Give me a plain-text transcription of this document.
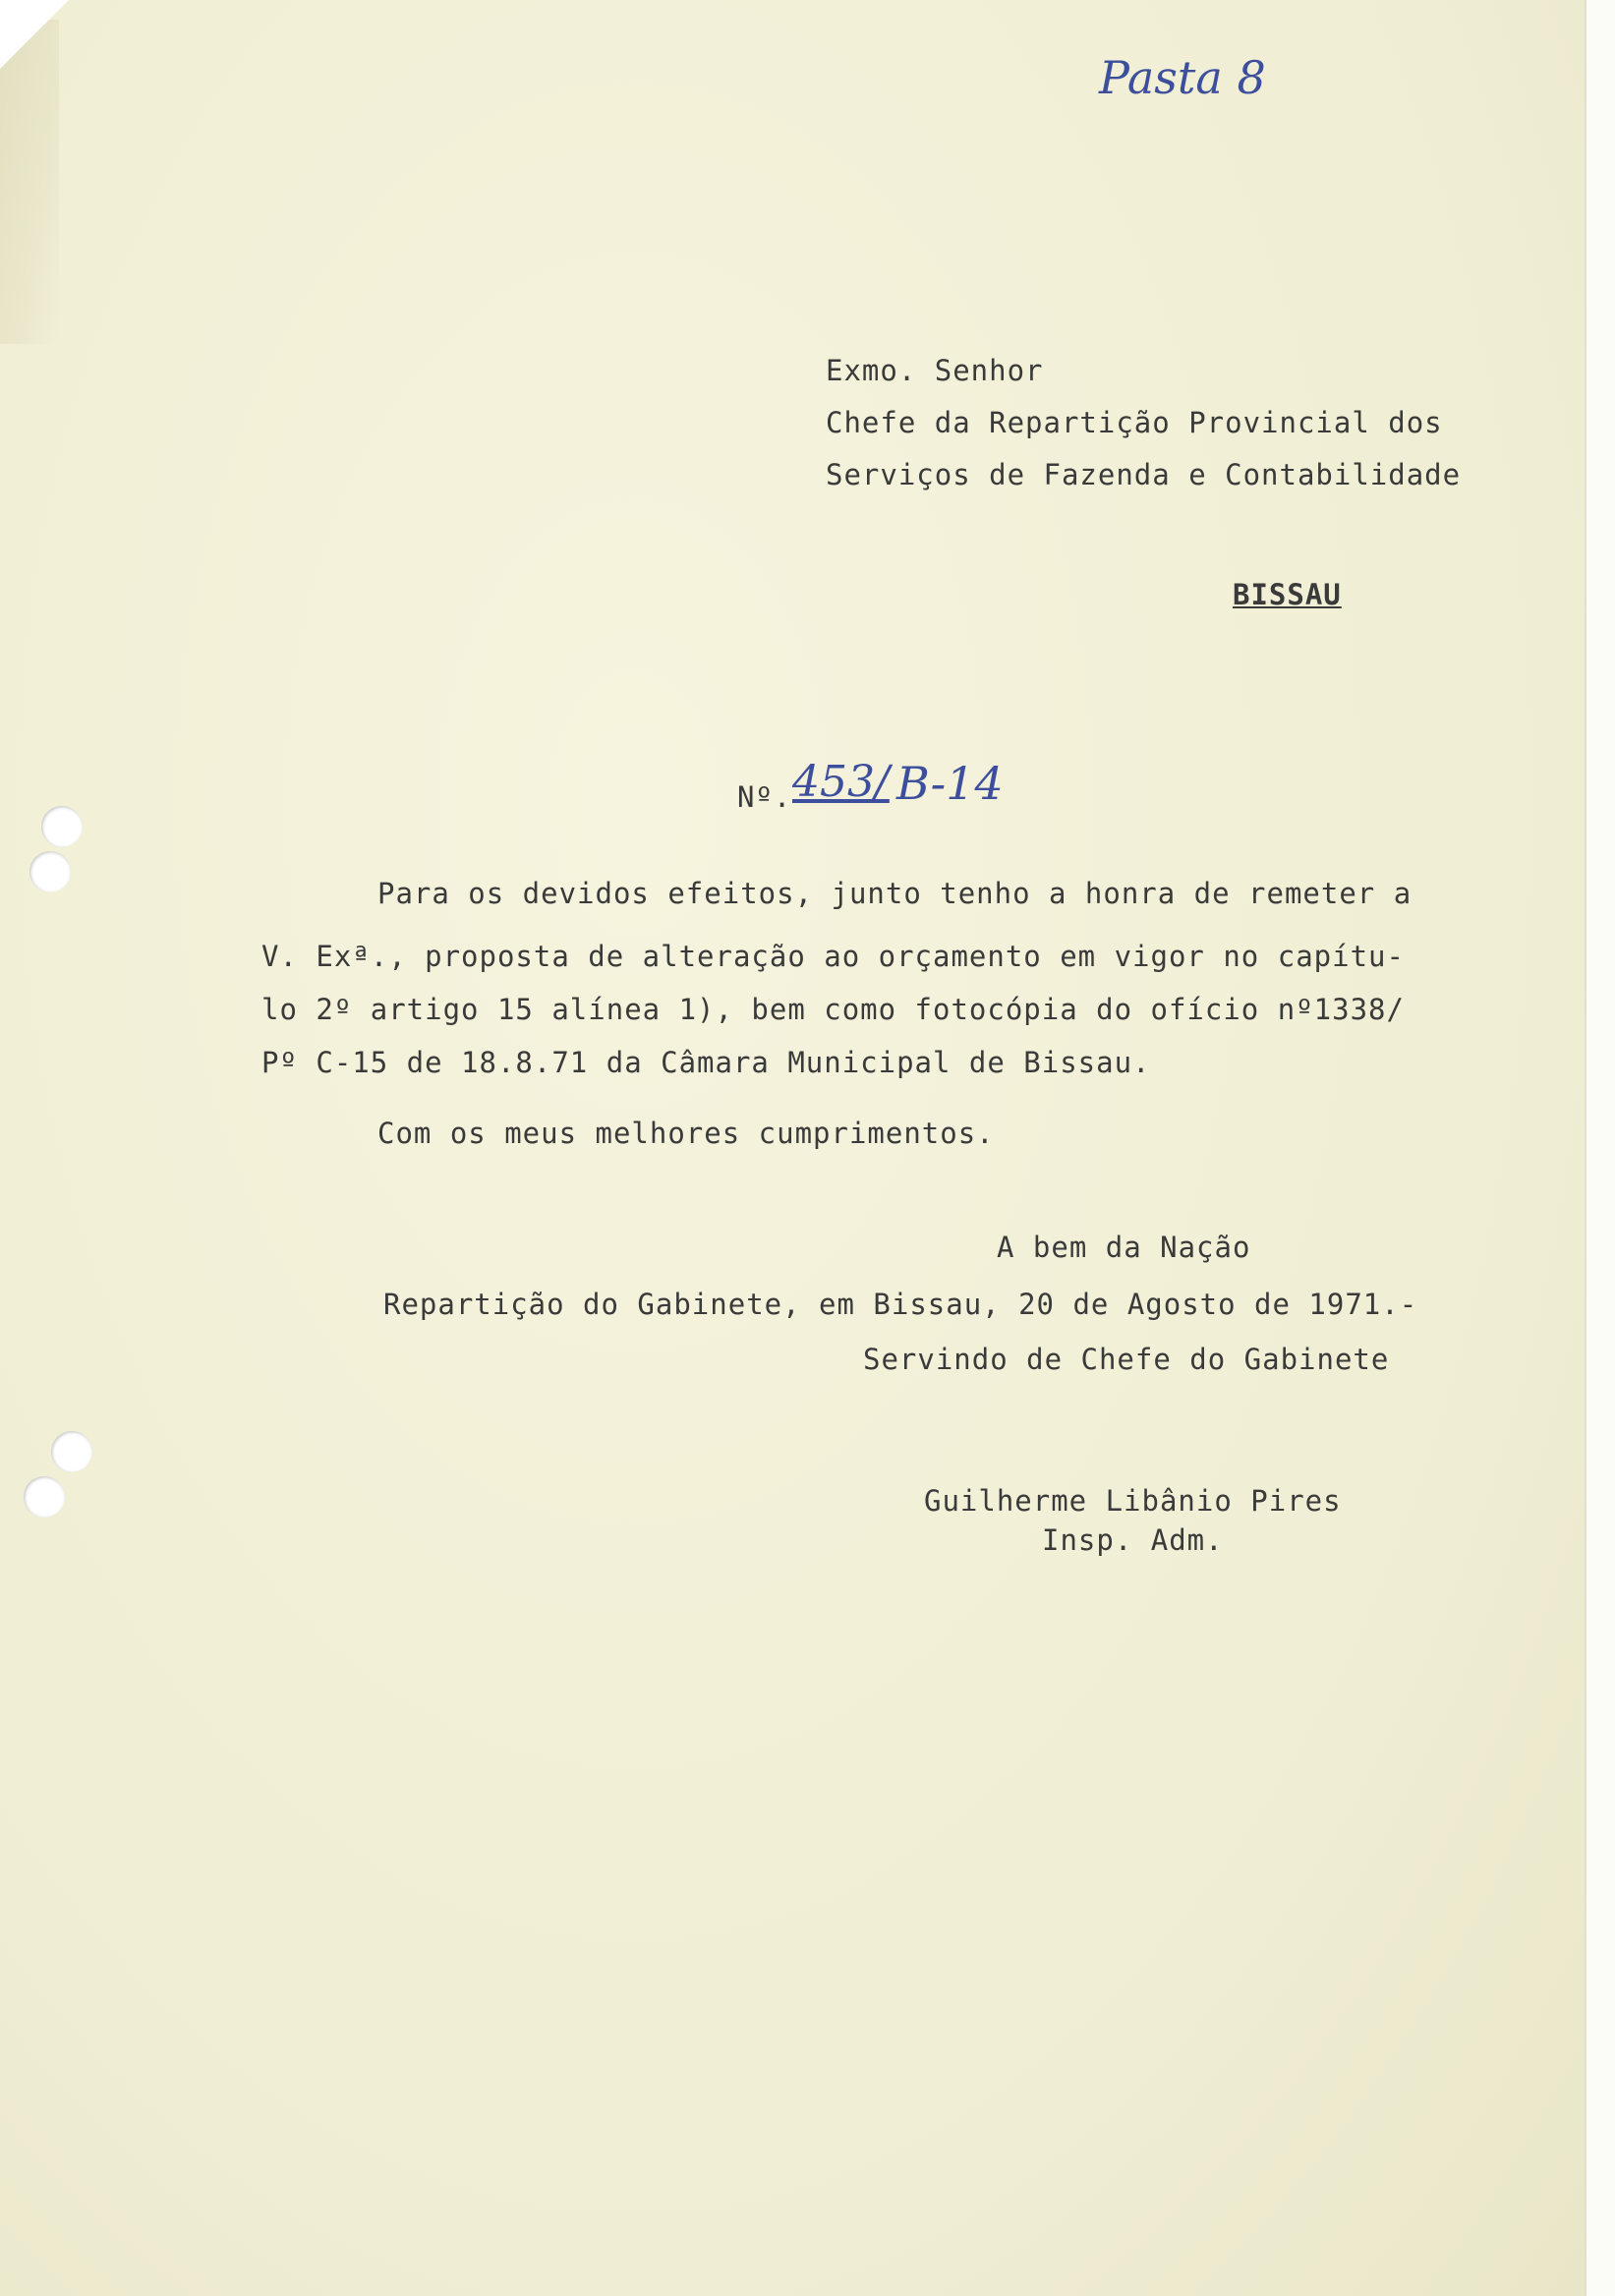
Pasta 8
Exmo. Senhor
Chefe da Repartição Provincial dos
Serviços de Fazenda e Contabilidade
BISSAU
Nº. 453/ B-14
Para os devidos efeitos, junto tenho a honra de remeter a
V. Exª., proposta de alteração ao orçamento em vigor no capítu-
lo 2º artigo 15 alínea 1), bem como fotocópia do ofício nº1338/
Pº C-15 de 18.8.71 da Câmara Municipal de Bissau.
Com os meus melhores cumprimentos.
A bem da Nação
Repartição do Gabinete, em Bissau, 20 de Agosto de 1971.-
Servindo de Chefe do Gabinete
Guilherme Libânio Pires
Insp. Adm.
